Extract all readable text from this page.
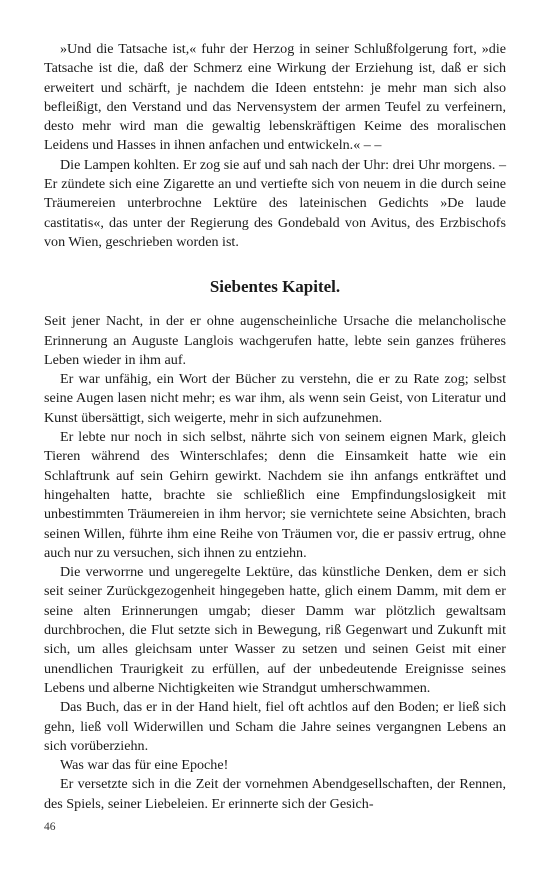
»Und die Tatsache ist,« fuhr der Herzog in seiner Schlußfolgerung fort, »die Tatsache ist die, daß der Schmerz eine Wirkung der Erziehung ist, daß er sich erweitert und schärft, je nachdem die Ideen entstehn: je mehr man sich also befleißigt, den Verstand und das Nervensystem der armen Teufel zu verfeinern, desto mehr wird man die gewaltig lebenskräftigen Keime des moralischen Leidens und Hasses in ihnen anfachen und entwickeln.« – –

Die Lampen kohlten. Er zog sie auf und sah nach der Uhr: drei Uhr morgens. – Er zündete sich eine Zigarette an und vertiefte sich von neuem in die durch seine Träumereien unterbrochne Lektüre des lateinischen Gedichts »De laude castitatis«, das unter der Regierung des Gondebald von Avitus, des Erzbischofs von Wien, geschrieben worden ist.

Siebentes Kapitel.

Seit jener Nacht, in der er ohne augenscheinliche Ursache die melancholische Erinnerung an Auguste Langlois wachgerufen hatte, lebte sein ganzes früheres Leben wieder in ihm auf.

Er war unfähig, ein Wort der Bücher zu verstehn, die er zu Rate zog; selbst seine Augen lasen nicht mehr; es war ihm, als wenn sein Geist, von Literatur und Kunst übersättigt, sich weigerte, mehr in sich aufzunehmen.

Er lebte nur noch in sich selbst, nährte sich von seinem eignen Mark, gleich Tieren während des Winterschlafes; denn die Einsamkeit hatte wie ein Schlaftrunk auf sein Gehirn gewirkt. Nachdem sie ihn anfangs entkräftet und hingehalten hatte, brachte sie schließlich eine Empfindungslosigkeit mit unbestimmten Träumereien in ihm hervor; sie vernichtete seine Absichten, brach seinen Willen, führte ihm eine Reihe von Träumen vor, die er passiv ertrug, ohne auch nur zu versuchen, sich ihnen zu entziehn.

Die verworrne und ungeregelte Lektüre, das künstliche Denken, dem er sich seit seiner Zurückgezogenheit hingegeben hatte, glich einem Damm, mit dem er seine alten Erinnerungen umgab; dieser Damm war plötzlich gewaltsam durchbrochen, die Flut setzte sich in Bewegung, riß Gegenwart und Zukunft mit sich, um alles gleichsam unter Wasser zu setzen und seinen Geist mit einer unendlichen Traurigkeit zu erfüllen, auf der unbedeutende Ereignisse seines Lebens und alberne Nichtigkeiten wie Strandgut umherschwammen.

Das Buch, das er in der Hand hielt, fiel oft achtlos auf den Boden; er ließ sich gehn, ließ voll Widerwillen und Scham die Jahre seines vergangnen Lebens an sich vorüberziehn.

Was war das für eine Epoche!

Er versetzte sich in die Zeit der vornehmen Abendgesellschaften, der Rennen, des Spiels, seiner Liebeleien. Er erinnerte sich der Gesich-

46
